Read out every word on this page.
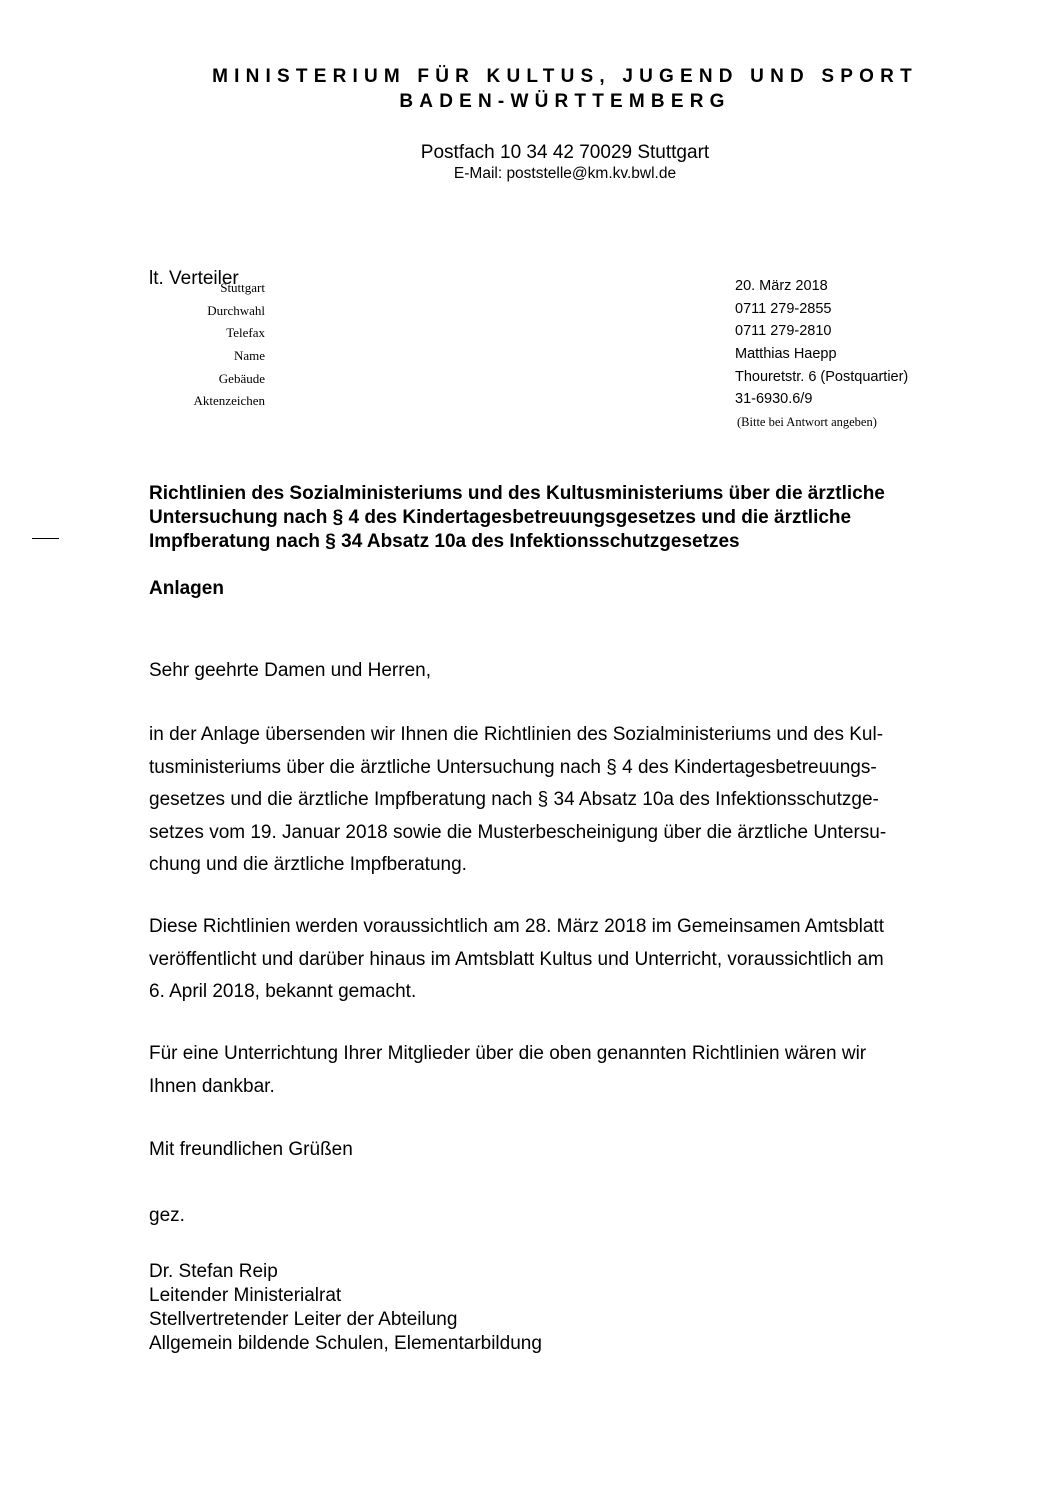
MINISTERIUM FÜR KULTUS, JUGEND UND SPORT
BADEN-WÜRTTEMBERG
Postfach 10 34 42 70029 Stuttgart
E-Mail: poststelle@km.kv.bwl.de
lt. Verteiler
Stuttgart	20. März 2018
Durchwahl	0711 279-2855
Telefax	0711 279-2810
Name	Matthias Haepp
Gebäude	Thouretstr. 6 (Postquartier)
Aktenzeichen	31-6930.6/9
(Bitte bei Antwort angeben)
Richtlinien des Sozialministeriums und des Kultusministeriums über die ärztliche
Untersuchung nach § 4 des Kindertagesbetreuungsgesetzes und die ärztliche
Impfberatung nach § 34 Absatz 10a des Infektionsschutzgesetzes
Anlagen
Sehr geehrte Damen und Herren,
in der Anlage übersenden wir Ihnen die Richtlinien des Sozialministeriums und des Kul-
tusministeriums über die ärztliche Untersuchung nach § 4 des Kindertagesbetreuungs-
gesetzes und die ärztliche Impfberatung nach § 34 Absatz 10a des Infektionsschutzge-
setzes vom 19. Januar 2018 sowie die Musterbescheinigung über die ärztliche Untersu-
chung und die ärztliche Impfberatung.
Diese Richtlinien werden voraussichtlich am 28. März 2018 im Gemeinsamen Amtsblatt
veröffentlicht und darüber hinaus im Amtsblatt Kultus und Unterricht, voraussichtlich am
6. April 2018, bekannt gemacht.
Für eine Unterrichtung Ihrer Mitglieder über die oben genannten Richtlinien wären wir
Ihnen dankbar.
Mit freundlichen Grüßen
gez.
Dr. Stefan Reip
Leitender Ministerialrat
Stellvertretender Leiter der Abteilung
Allgemein bildende Schulen, Elementarbildung
